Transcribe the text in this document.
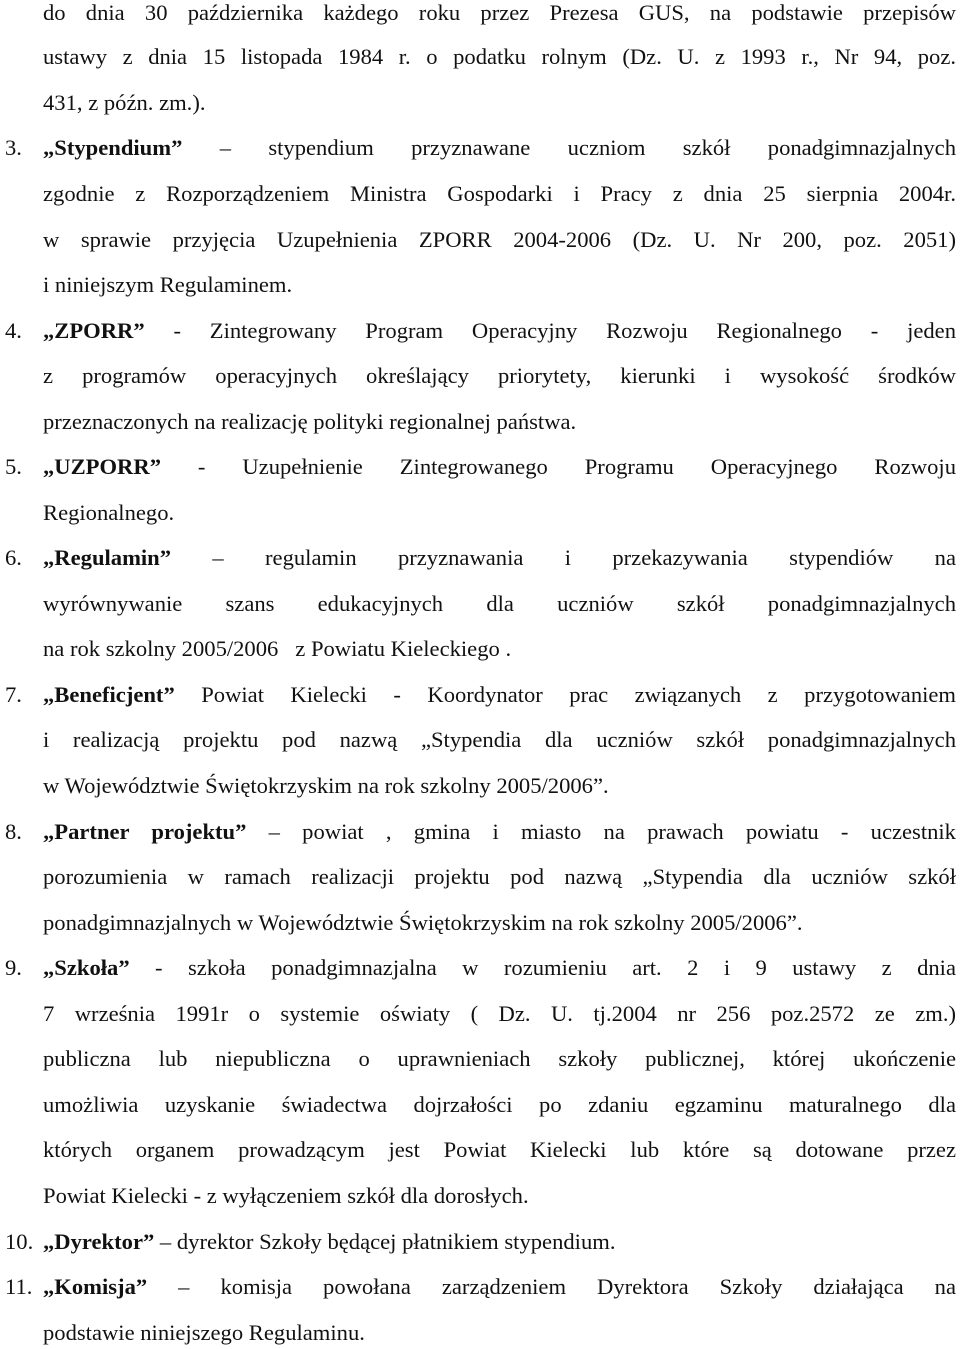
do dnia 30 października każdego roku przez Prezesa GUS, na podstawie przepisów
ustawy z dnia 15 listopada 1984 r. o podatku rolnym (Dz. U. z 1993 r., Nr 94, poz.
431, z późn. zm.).
3.	„ Stypendium ” – stypendium przyznawane uczniom szkół ponadgimnazjalnych
zgodnie z Rozporządzeniem Ministra Gospodarki i Pracy z dnia 25 sierpnia 2004r.
w sprawie przyjęcia Uzupełnienia ZPORR 2004-2006 (Dz. U. Nr 200, poz. 2051)
i niniejszym Regulaminem.
4.	„ ZPORR ” - Zintegrowany Program Operacyjny Rozwoju Regionalnego - jeden
z programów operacyjnych określający priorytety, kierunki i wysokość środków
przeznaczonych na realizację polityki regionalnej państwa.
5.	„ UZPORR ” - Uzupełnienie Zintegrowanego Programu Operacyjnego Rozwoju
Regionalnego.
6.	„ Regulamin ” – regulamin przyznawania i przekazywania stypendiów na
wyrównywanie szans edukacyjnych dla uczniów szkół ponadgimnazjalnych
na rok szkolny 2005/2006   z Powiatu Kieleckiego .
7.	„ Beneficjent ” Powiat Kielecki - Koordynator prac związanych z przygotowaniem
i realizacją projektu pod nazwą „Stypendia dla uczniów szkół ponadgimnazjalnych
w Województwie Świętokrzyskim na rok szkolny 2005/2006”.
8.	„ Partner projektu ” – powiat , gmina i miasto na prawach powiatu - uczestnik
porozumienia w ramach realizacji projektu pod nazwą „Stypendia dla uczniów szkół
ponadgimnazjalnych w Województwie Świętokrzyskim na rok szkolny 2005/2006”.
9.	„ Szkoła ” - szkoła ponadgimnazjalna w rozumieniu art. 2 i 9 ustawy z dnia
7 września 1991r o systemie oświaty ( Dz. U. tj.2004 nr 256 poz.2572 ze zm.)
publiczna lub niepubliczna o uprawnieniach szkoły publicznej, której ukończenie
umożliwia uzyskanie świadectwa dojrzałości po zdaniu egzaminu maturalnego dla
których organem prowadzącym jest Powiat Kielecki lub które są dotowane przez
Powiat Kielecki - z wyłączeniem szkół dla dorosłych.
10. „ Dyrektor ” – dyrektor Szkoły będącej płatnikiem stypendium.
11. „ Komisja ” – komisja powołana zarządzeniem Dyrektora Szkoły działająca na
podstawie niniejszego Regulaminu.
